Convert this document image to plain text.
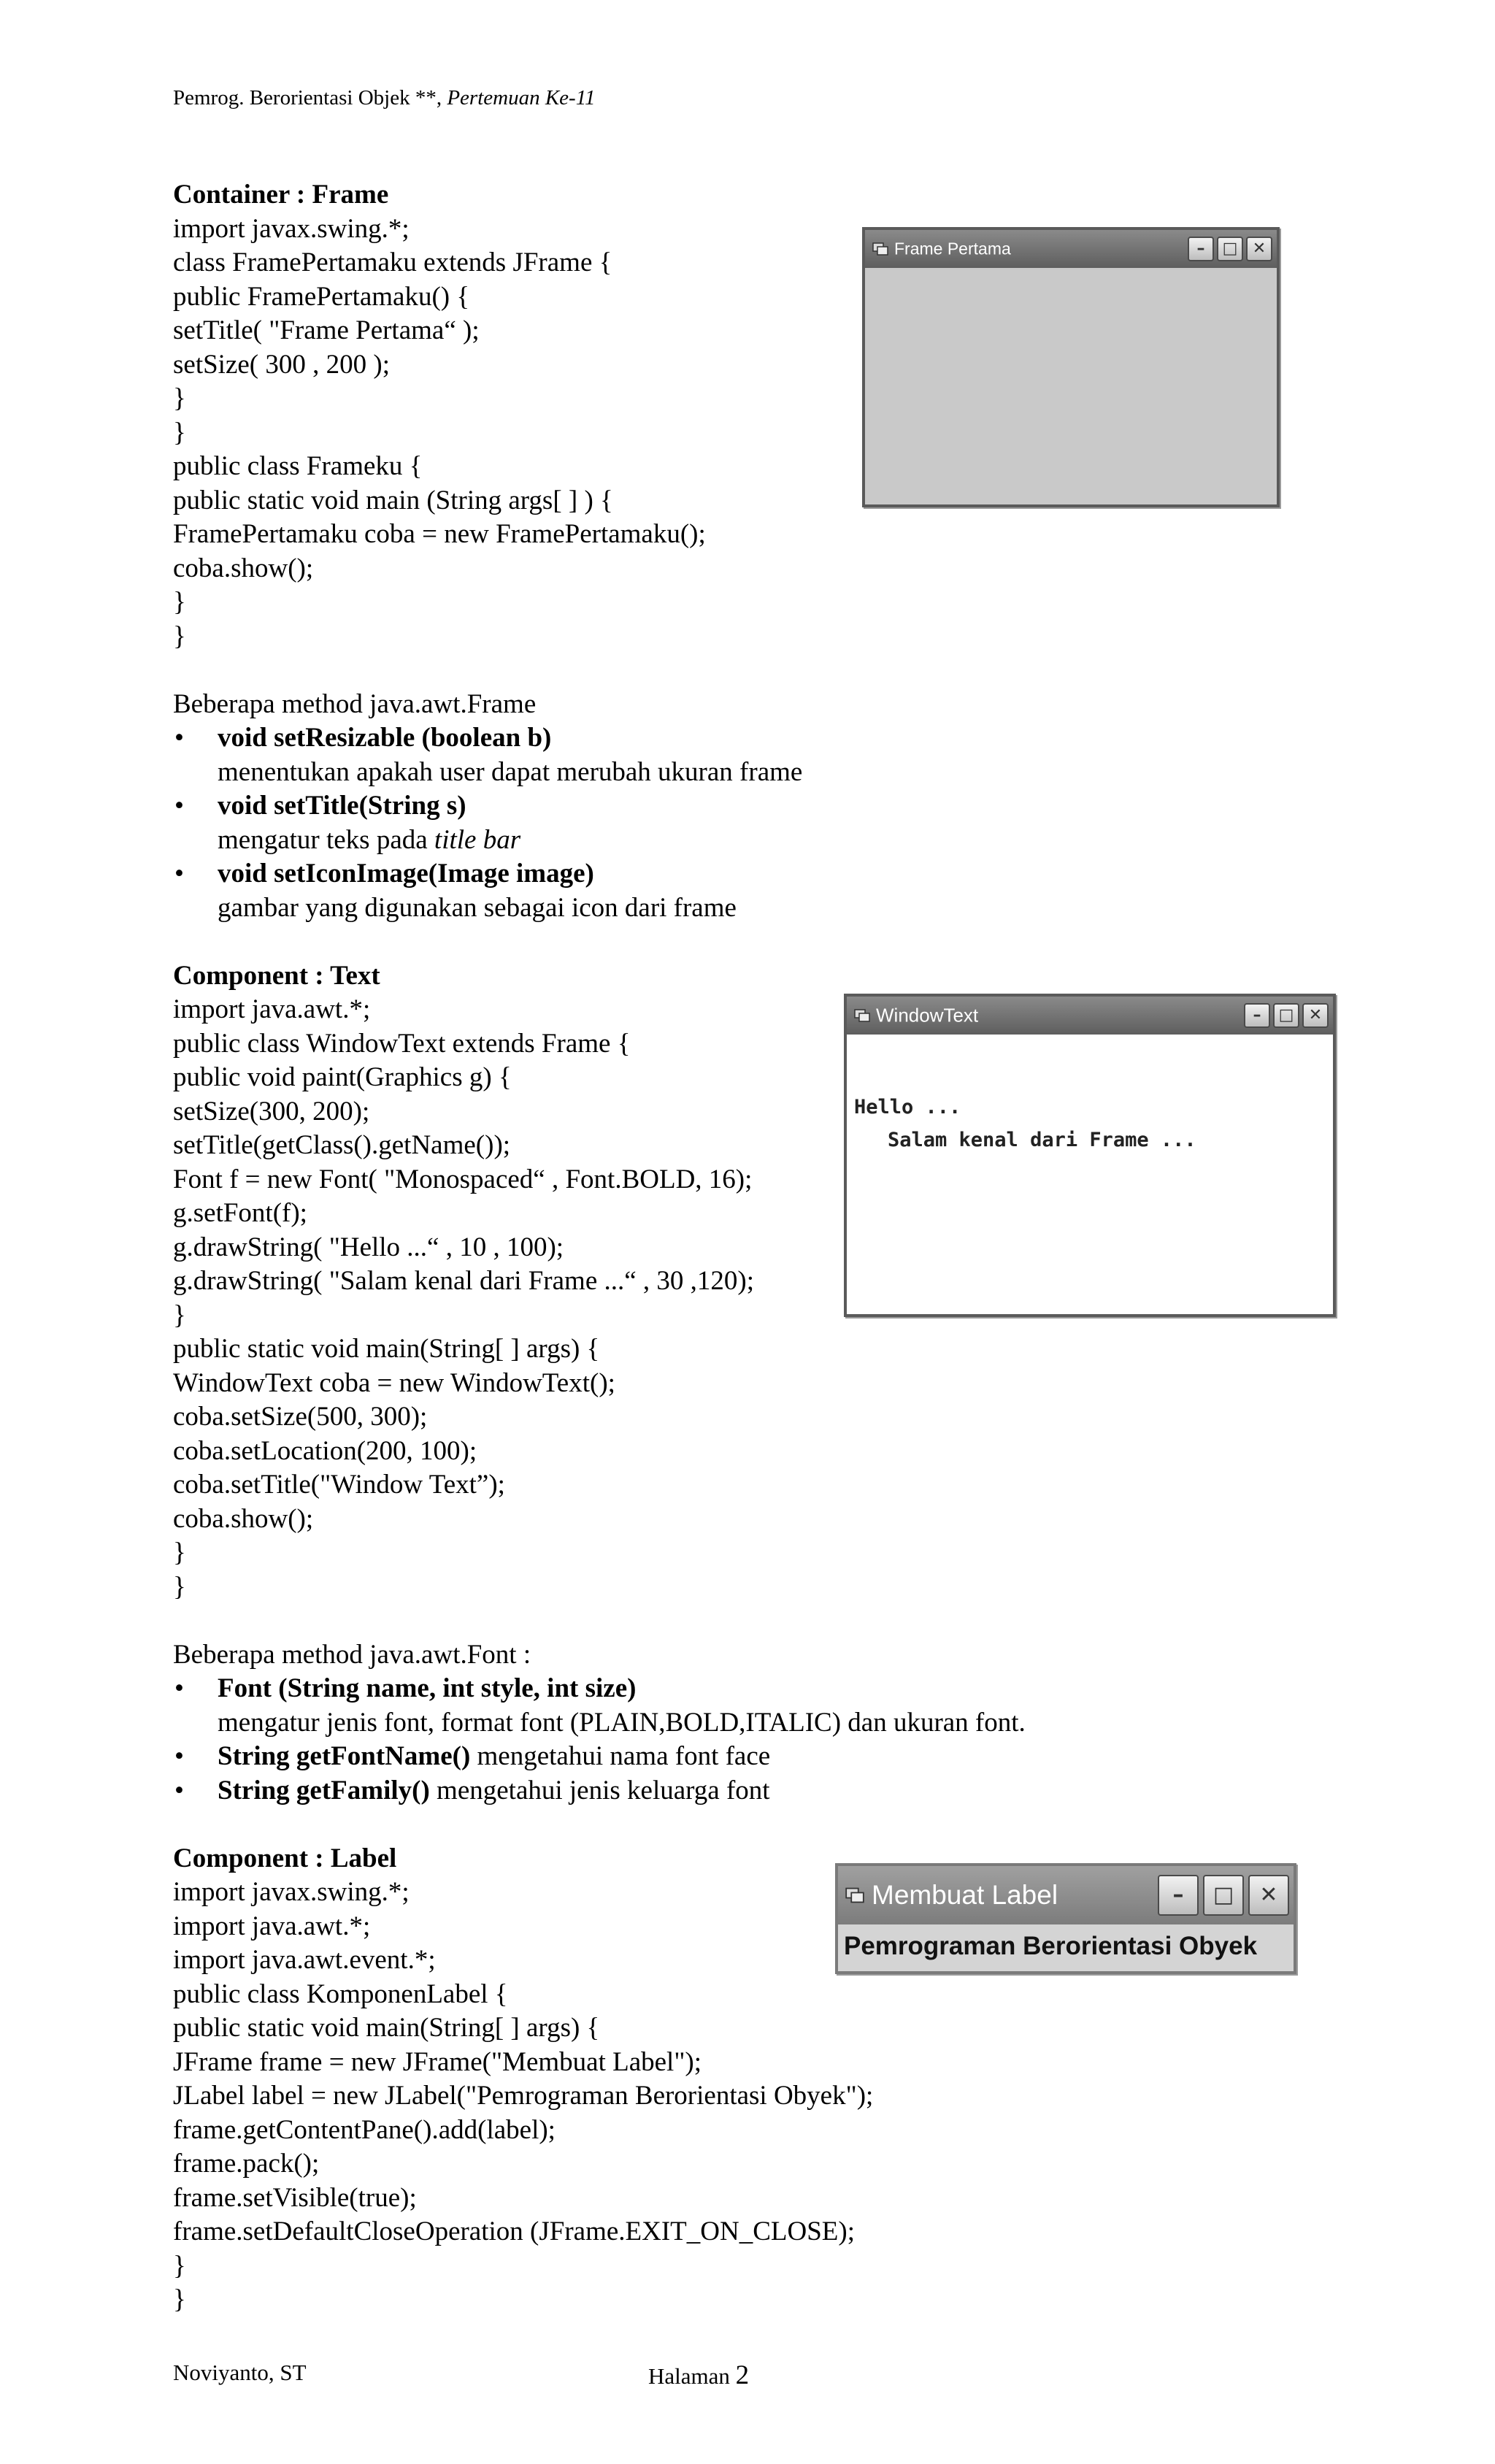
Pemrog. Berorientasi Objek **, Pertemuan Ke-11
Container : Frame
import javax.swing.*;
class FramePertamaku extends JFrame {
public FramePertamaku() {
setTitle( "Frame Pertama“ );
setSize( 300 , 200 );
}
}
public class Frameku {
public static void main (String args[ ] ) {
FramePertamaku coba = new FramePertamaku();
coba.show();
}
}
Beberapa method java.awt.Frame
• void setResizable (boolean b)
menentukan apakah user dapat merubah ukuran frame
• void setTitle(String s)
mengatur teks pada title bar
• void setIconImage(Image image)
gambar yang digunakan sebagai icon dari frame
Component : Text
import java.awt.*;
public class WindowText extends Frame {
public void paint(Graphics g) {
setSize(300, 200);
setTitle(getClass().getName());
Font f = new Font( "Monospaced“ , Font.BOLD, 16);
g.setFont(f);
g.drawString( "Hello ...“ , 10 , 100);
g.drawString( "Salam kenal dari Frame ...“ , 30 ,120);
}
public static void main(String[ ] args) {
WindowText coba = new WindowText();
coba.setSize(500, 300);
coba.setLocation(200, 100);
coba.setTitle("Window Text”);
coba.show();
}
}
Beberapa method java.awt.Font :
• Font (String name, int style, int size)
mengatur jenis font, format font (PLAIN,BOLD,ITALIC) dan ukuran font.
• String getFontName() mengetahui nama font face
• String getFamily() mengetahui jenis keluarga font
Component : Label
import javax.swing.*;
import java.awt.*;
import java.awt.event.*;
public class KomponenLabel {
public static void main(String[ ] args) {
JFrame frame = new JFrame("Membuat Label");
JLabel label = new JLabel("Pemrograman Berorientasi Obyek");
frame.getContentPane().add(label);
frame.pack();
frame.setVisible(true);
frame.setDefaultCloseOperation (JFrame.EXIT_ON_CLOSE);
}
}
Frame Pertama	–	□ ✕
WindowText	–	□ ✕
Hello ...
Salam kenal dari Frame ...
Membuat Label	–	□	✕
Pemrograman Berorientasi Obyek
Noviyanto, ST	Halaman 2
